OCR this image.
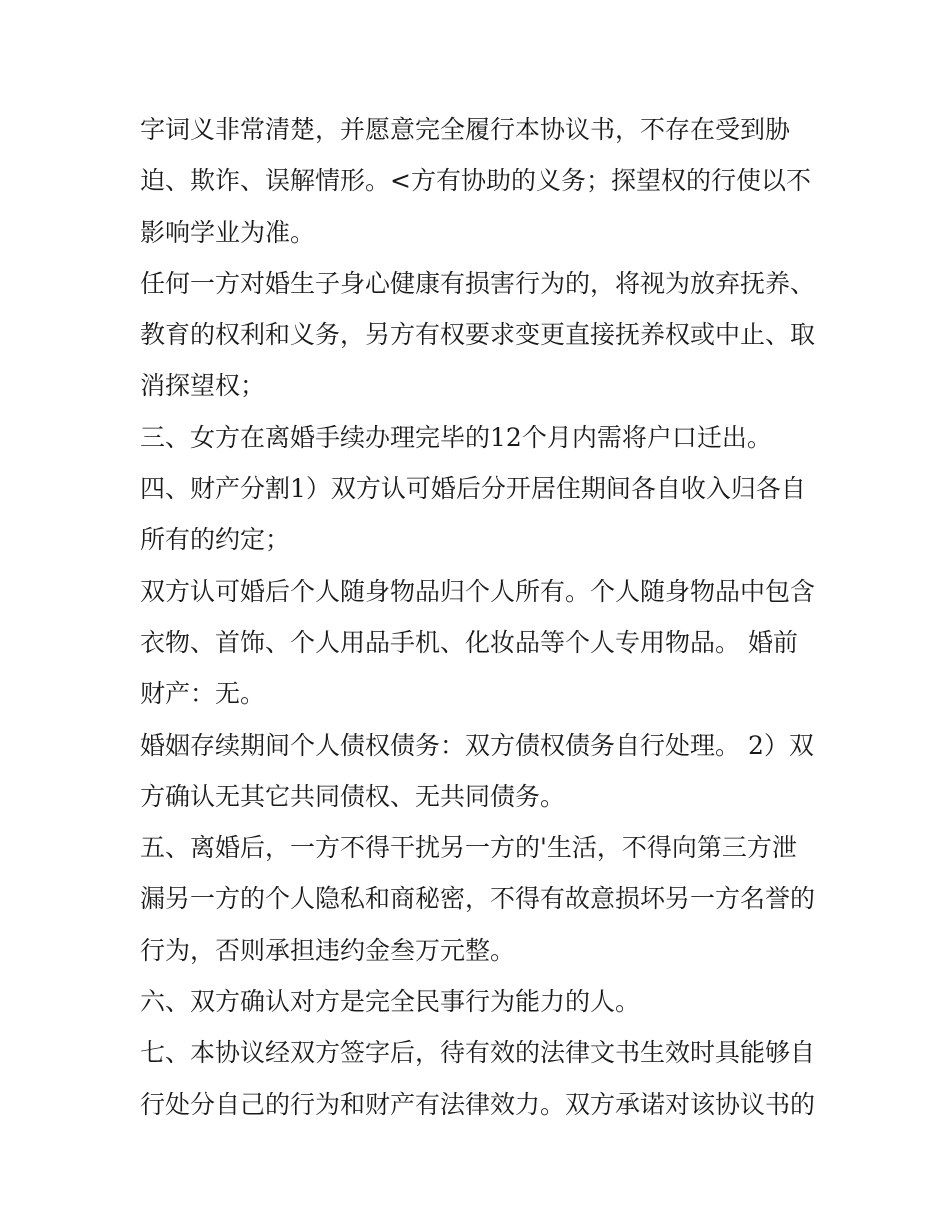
字词义非常清楚，并愿意完全履行本协议书，不存在受到胁
迫、欺诈、误解情形。<方有协助的义务；探望权的行使以不
影响学业为准。
任何一方对婚生子身心健康有损害行为的，将视为放弃抚养、
教育的权利和义务，另方有权要求变更直接抚养权或中止、取
消探望权；
三、女方在离婚手续办理完毕的12个月内需将户口迁出。
四、财产分割1）双方认可婚后分开居住期间各自收入归各自
所有的约定；
双方认可婚后个人随身物品归个人所有。个人随身物品中包含
衣物、首饰、个人用品手机、化妆品等个人专用物品。 婚前
财产：无。
婚姻存续期间个人债权债务：双方债权债务自行处理。 2）双
方确认无其它共同债权、无共同债务。
五、离婚后，一方不得干扰另一方的'生活，不得向第三方泄
漏另一方的个人隐私和商秘密，不得有故意损坏另一方名誉的
行为，否则承担违约金叁万元整。
六、双方确认对方是完全民事行为能力的人。
七、本协议经双方签字后，待有效的法律文书生效时具能够自
行处分自己的行为和财产有法律效力。双方承诺对该协议书的
